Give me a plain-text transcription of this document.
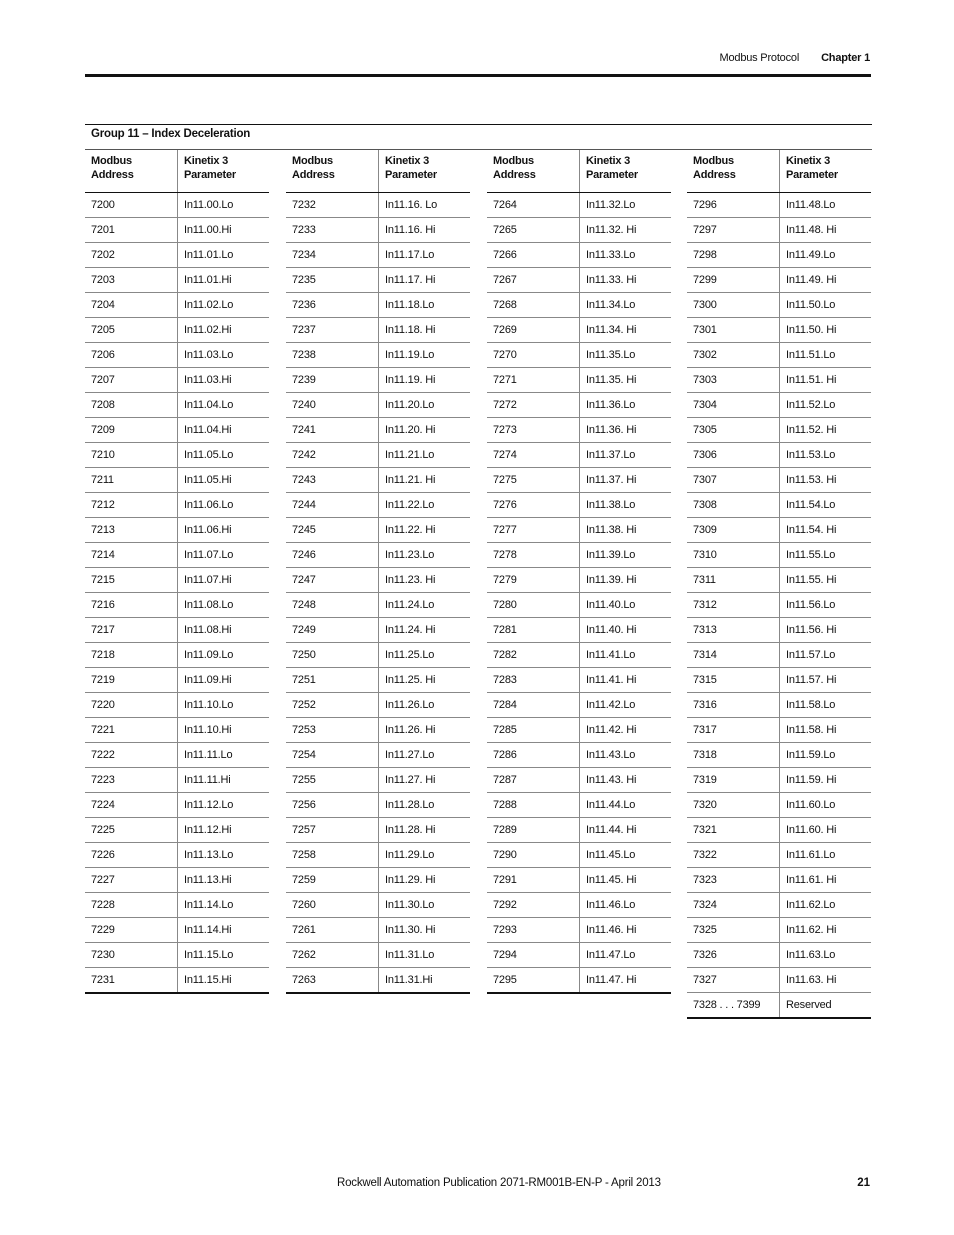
Modbus Protocol Chapter 1
Group 11 – Index Deceleration
Modbus
Address	Kinetix 3
Parameter
7200	In11.00.Lo
7201	In11.00.Hi
7202	In11.01.Lo
7203	In11.01.Hi
7204	In11.02.Lo
7205	In11.02.Hi
7206	In11.03.Lo
7207	In11.03.Hi
7208	In11.04.Lo
7209	In11.04.Hi
7210	In11.05.Lo
7211	In11.05.Hi
7212	In11.06.Lo
7213	In11.06.Hi
7214	In11.07.Lo
7215	In11.07.Hi
7216	In11.08.Lo
7217	In11.08.Hi
7218	In11.09.Lo
7219	In11.09.Hi
7220	In11.10.Lo
7221	In11.10.Hi
7222	In11.11.Lo
7223	In11.11.Hi
7224	In11.12.Lo
7225	In11.12.Hi
7226	In11.13.Lo
7227	In11.13.Hi
7228	In11.14.Lo
7229	In11.14.Hi
7230	In11.15.Lo
7231	In11.15.Hi
Modbus
Address	Kinetix 3
Parameter
7232	In11.16. Lo
7233	In11.16. Hi
7234	In11.17.Lo
7235	In11.17. Hi
7236	In11.18.Lo
7237	In11.18. Hi
7238	In11.19.Lo
7239	In11.19. Hi
7240	In11.20.Lo
7241	In11.20. Hi
7242	In11.21.Lo
7243	In11.21. Hi
7244	In11.22.Lo
7245	In11.22. Hi
7246	In11.23.Lo
7247	In11.23. Hi
7248	In11.24.Lo
7249	In11.24. Hi
7250	In11.25.Lo
7251	In11.25. Hi
7252	In11.26.Lo
7253	In11.26. Hi
7254	In11.27.Lo
7255	In11.27. Hi
7256	In11.28.Lo
7257	In11.28. Hi
7258	In11.29.Lo
7259	In11.29. Hi
7260	In11.30.Lo
7261	In11.30. Hi
7262	In11.31.Lo
7263	In11.31.Hi
Modbus
Address	Kinetix 3
Parameter
7264	In11.32.Lo
7265	In11.32. Hi
7266	In11.33.Lo
7267	In11.33. Hi
7268	In11.34.Lo
7269	In11.34. Hi
7270	In11.35.Lo
7271	In11.35. Hi
7272	In11.36.Lo
7273	In11.36. Hi
7274	In11.37.Lo
7275	In11.37. Hi
7276	In11.38.Lo
7277	In11.38. Hi
7278	In11.39.Lo
7279	In11.39. Hi
7280	In11.40.Lo
7281	In11.40. Hi
7282	In11.41.Lo
7283	In11.41. Hi
7284	In11.42.Lo
7285	In11.42. Hi
7286	In11.43.Lo
7287	In11.43. Hi
7288	In11.44.Lo
7289	In11.44. Hi
7290	In11.45.Lo
7291	In11.45. Hi
7292	In11.46.Lo
7293	In11.46. Hi
7294	In11.47.Lo
7295	In11.47. Hi
Modbus
Address	Kinetix 3
Parameter
7296	In11.48.Lo
7297	In11.48. Hi
7298	In11.49.Lo
7299	In11.49. Hi
7300	In11.50.Lo
7301	In11.50. Hi
7302	In11.51.Lo
7303	In11.51. Hi
7304	In11.52.Lo
7305	In11.52. Hi
7306	In11.53.Lo
7307	In11.53. Hi
7308	In11.54.Lo
7309	In11.54. Hi
7310	In11.55.Lo
7311	In11.55. Hi
7312	In11.56.Lo
7313	In11.56. Hi
7314	In11.57.Lo
7315	In11.57. Hi
7316	In11.58.Lo
7317	In11.58. Hi
7318	In11.59.Lo
7319	In11.59. Hi
7320	In11.60.Lo
7321	In11.60. Hi
7322	In11.61.Lo
7323	In11.61. Hi
7324	In11.62.Lo
7325	In11.62. Hi
7326	In11.63.Lo
7327	In11.63. Hi
7328 . . . 7399	Reserved
Rockwell Automation Publication 2071-RM001B-EN-P - April 2013	21
